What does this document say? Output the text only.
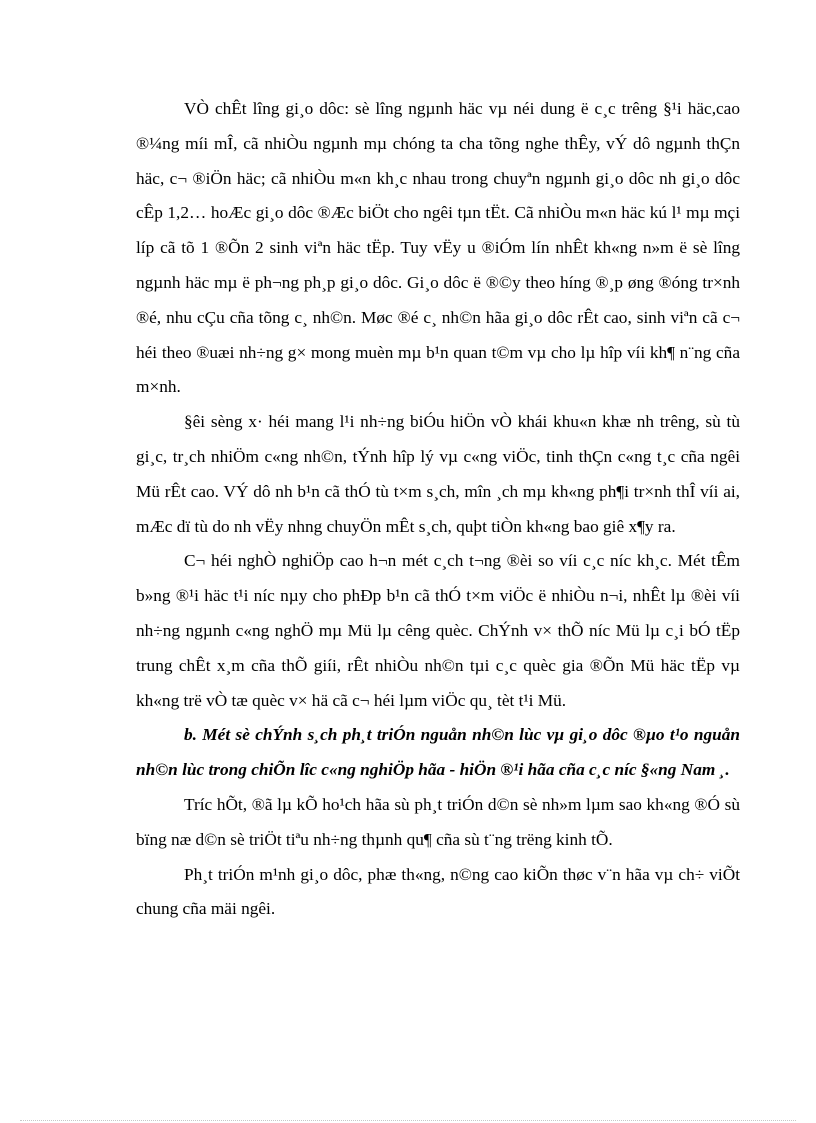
VÒ chÊt lîng gi¸o dôc: sè lîng ngµnh häc vµ néi dung ë c¸c trêng §¹i häc,cao ®¼ng míi mÎ, cã nhiÒu ngµnh mµ chóng ta cha tõng nghe thÊy, vÝ dô ngµnh thÇn häc, c¬ ®iÖn häc; cã nhiÒu m«n kh¸c nhau trong chuyªn ngµnh gi¸o dôc nh gi¸o dôc cÊp 1,2… hoÆc gi¸o dôc ®Æc biÖt cho ngêi tµn tËt. Cã nhiÒu m«n häc kú l¹ mµ mçi líp cã tõ 1 ®Õn 2 sinh viªn häc tËp. Tuy vËy u ®iÓm lín nhÊt kh«ng n»m ë sè lîng ngµnh häc mµ ë ph¬ng ph¸p gi¸o dôc. Gi¸o dôc ë ®©y theo híng ®¸p øng ®óng tr×nh ®é, nhu cÇu cña tõng c¸ nh©n. Møc ®é c¸ nh©n hãa gi¸o dôc rÊt cao, sinh viªn cã c¬ héi theo ®uæi nh÷ng g× mong muèn mµ b¹n quan t©m vµ cho lµ hîp víi kh¶ n¨ng cña m×nh.

§êi sèng x· héi mang l¹i nh÷ng biÓu hiÖn vÒ khái khu«n khæ nh trêng, sù tù gi¸c, tr¸ch nhiÖm c«ng nh©n, tÝnh hîp lý vµ c«ng viÖc, tinh thÇn c«ng t¸c cña ngêi Mü rÊt cao. VÝ dô nh b¹n cã thÓ tù t×m s¸ch, mîn ¸ch mµ kh«ng ph¶i tr×nh thÎ víi ai, mÆc dï tù do nh vËy nhng chuyÖn mÊt s¸ch, quþt tiÒn kh«ng bao giê x¶y ra.

C¬ héi nghÒ nghiÖp cao h¬n mét c¸ch t¬ng ®èi so víi c¸c níc kh¸c. Mét tÊm b»ng ®¹i häc t¹i níc nµy cho phÐp b¹n cã thÓ t×m viÖc ë nhiÒu n¬i, nhÊt lµ ®èi víi nh÷ng ngµnh c«ng nghÖ mµ Mü lµ cêng quèc. ChÝnh v× thÕ níc Mü lµ c¸i bÓ tËp trung chÊt x¸m cña thÕ giíi, rÊt nhiÒu nh©n tµi c¸c quèc gia ®Õn Mü häc tËp vµ kh«ng trë vÒ tæ quèc v× hä cã c¬ héi lµm viÖc qu¸ tèt t¹i Mü.

b. Mét sè chÝnh s¸ch ph¸t triÓn nguån nh©n lùc vµ gi¸o dôc ®µo t¹o nguån nh©n lùc trong chiÕn lîc c«ng nghiÖp hãa - hiÖn ®¹i hãa cña c¸c níc §«ng Nam ¸.

Tríc hÕt, ®ã lµ kÕ ho¹ch hãa sù ph¸t triÓn d©n sè nh»m lµm sao kh«ng ®Ó sù bïng næ d©n sè triÖt tiªu nh÷ng thµnh qu¶ cña sù t¨ng trëng kinh tÕ.

Ph¸t triÓn m¹nh gi¸o dôc, phæ th«ng, n©ng cao kiÕn thøc v¨n hãa vµ ch÷ viÕt chung cña mäi ngêi.
